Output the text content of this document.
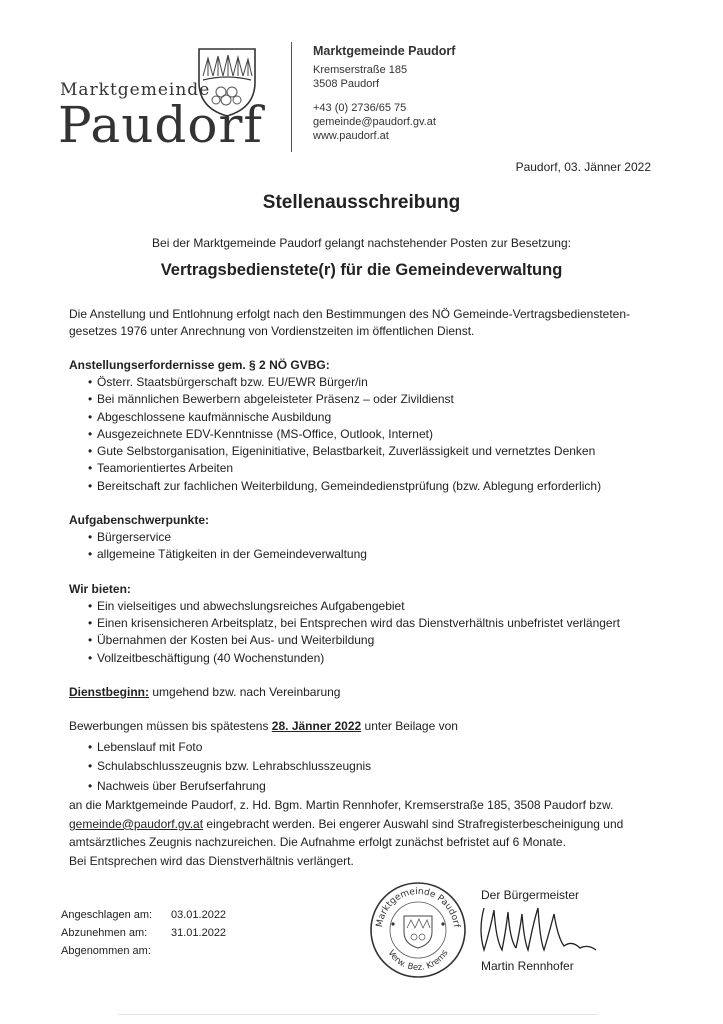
Marktgemeinde
Paudorf
Marktgemeinde Paudorf
Kremserstraße 185
3508 Paudorf
+43 (0) 2736/65 75
gemeinde@paudorf.gv.at
www.paudorf.at
Paudorf, 03. Jänner 2022
Stellenausschreibung
Bei der Marktgemeinde Paudorf gelangt nachstehender Posten zur Besetzung:
Vertragsbedienstete(r) für die Gemeindeverwaltung
Die Anstellung und Entlohnung erfolgt nach den Bestimmungen des NÖ Gemeinde-Vertragsbediensteten-gesetzes 1976 unter Anrechnung von Vordienstzeiten im öffentlichen Dienst.
Anstellungserfordernisse gem. § 2 NÖ GVBG:
• Österr. Staatsbürgerschaft bzw. EU/EWR Bürger/in
• Bei männlichen Bewerbern abgeleisteter Präsenz – oder Zivildienst
• Abgeschlossene kaufmännische Ausbildung
• Ausgezeichnete EDV-Kenntnisse (MS-Office, Outlook, Internet)
• Gute Selbstorganisation, Eigeninitiative, Belastbarkeit, Zuverlässigkeit und vernetztes Denken
• Teamorientiertes Arbeiten
• Bereitschaft zur fachlichen Weiterbildung, Gemeindedienstprüfung (bzw. Ablegung erforderlich)
Aufgabenschwerpunkte:
• Bürgerservice
• allgemeine Tätigkeiten in der Gemeindeverwaltung
Wir bieten:
• Ein vielseitiges und abwechslungsreiches Aufgabengebiet
• Einen krisensicheren Arbeitsplatz, bei Entsprechen wird das Dienstverhältnis unbefristet verlängert
• Übernahmen der Kosten bei Aus- und Weiterbildung
• Vollzeitbeschäftigung (40 Wochenstunden)
Dienstbeginn: umgehend bzw. nach Vereinbarung
Bewerbungen müssen bis spätestens 28. Jänner 2022 unter Beilage von
• Lebenslauf mit Foto
• Schulabschlusszeugnis bzw. Lehrabschlusszeugnis
• Nachweis über Berufserfahrung
an die Marktgemeinde Paudorf, z. Hd. Bgm. Martin Rennhofer, Kremserstraße 185, 3508 Paudorf bzw. gemeinde@paudorf.gv.at eingebracht werden. Bei engerer Auswahl sind Strafregisterbescheinigung und amtsärztliches Zeugnis nachzureichen. Die Aufnahme erfolgt zunächst befristet auf 6 Monate.
Bei Entsprechen wird das Dienstverhältnis verlängert.
Angeschlagen am: 03.01.2022
Abzunehmen am: 31.01.2022
Abgenommen am:
Marktgemeinde Paudorf
Verw. Bez. Krems
Der Bürgermeister
Martin Rennhofer
